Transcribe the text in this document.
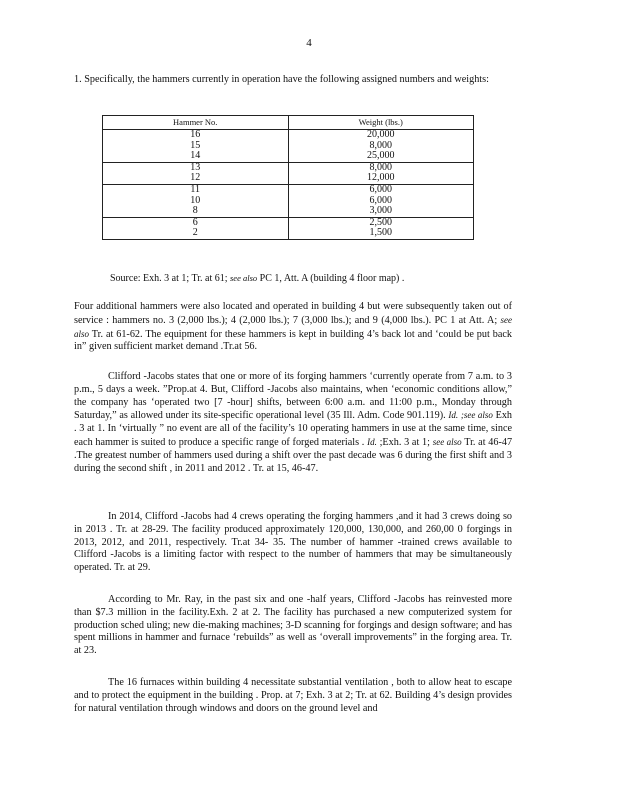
4

1. Specifically, the hammers currently in operation have the following assigned numbers and weights:

Hammer No.	Weight (lbs.)
16	20,000
15	8,000
14	25,000
13	8,000
12	12,000
11	6,000
10	6,000
8	3,000
6	2,500
2	1,500
Source: Exh. 3 at 1; Tr. at 61; see also PC 1, Att. A (building 4 floor map) .

Four additional hammers were also located and operated in building 4 but were subsequently taken out of service : hammers no. 3 (2,000 lbs.); 4 (2,000 lbs.); 7 (3,000 lbs.); and 9 (4,000 lbs.). PC 1 at Att. A; see also Tr. at 61-62. The equipment for these hammers is kept in building 4’s back lot and ‘could be put back in” given sufficient market demand .Tr.at 56.

Clifford -Jacobs states that one or more of its forging hammers ‘currently operate from 7 a.m. to 3 p.m., 5 days a week. ”Prop.at 4. But, Clifford -Jacobs also maintains, when ‘economic conditions allow,” the company has ‘operated two [7 -hour] shifts, between 6:00 a.m. and 11:00 p.m., Monday through Saturday,” as allowed under its site-specific operational level (35 Ill. Adm. Code 901.119). Id. ;see also Exh . 3 at 1. In ‘virtually ” no event are all of the facility’s 10 operating hammers in use at the same time, since each hammer is suited to produce a specific range of forged materials . Id. ;Exh. 3 at 1; see also Tr. at 46-47 .The greatest number of hammers used during a shift over the past decade was 6 during the first shift and 3 during the second shift , in 2011 and 2012 . Tr. at 15, 46-47.

In 2014, Clifford -Jacobs had 4 crews operating the forging hammers ,and it had 3 crews doing so in 2013 . Tr. at 28-29. The facility produced approximately 120,000, 130,000, and 260,00 0 forgings in 2013, 2012, and 2011, respectively. Tr.at 34- 35. The number of hammer -trained crews available to Clifford -Jacobs is a limiting factor with respect to the number of hammers that may be simultaneously operated. Tr. at 29.

According to Mr. Ray, in the past six and one -half years, Clifford -Jacobs has reinvested more than $7.3 million in the facility.Exh. 2 at 2. The facility has purchased a new computerized system for production sched uling; new die-making machines; 3-D scanning for forgings and design software; and has spent millions in hammer and furnace ‘rebuilds” as well as ‘overall improvements” in the forging area. Tr. at 23.

The 16 furnaces within building 4 necessitate substantial ventilation , both to allow heat to escape and to protect the equipment in the building . Prop. at 7; Exh. 3 at 2; Tr. at 62. Building 4’s design provides for natural ventilation through windows and doors on the ground level and
